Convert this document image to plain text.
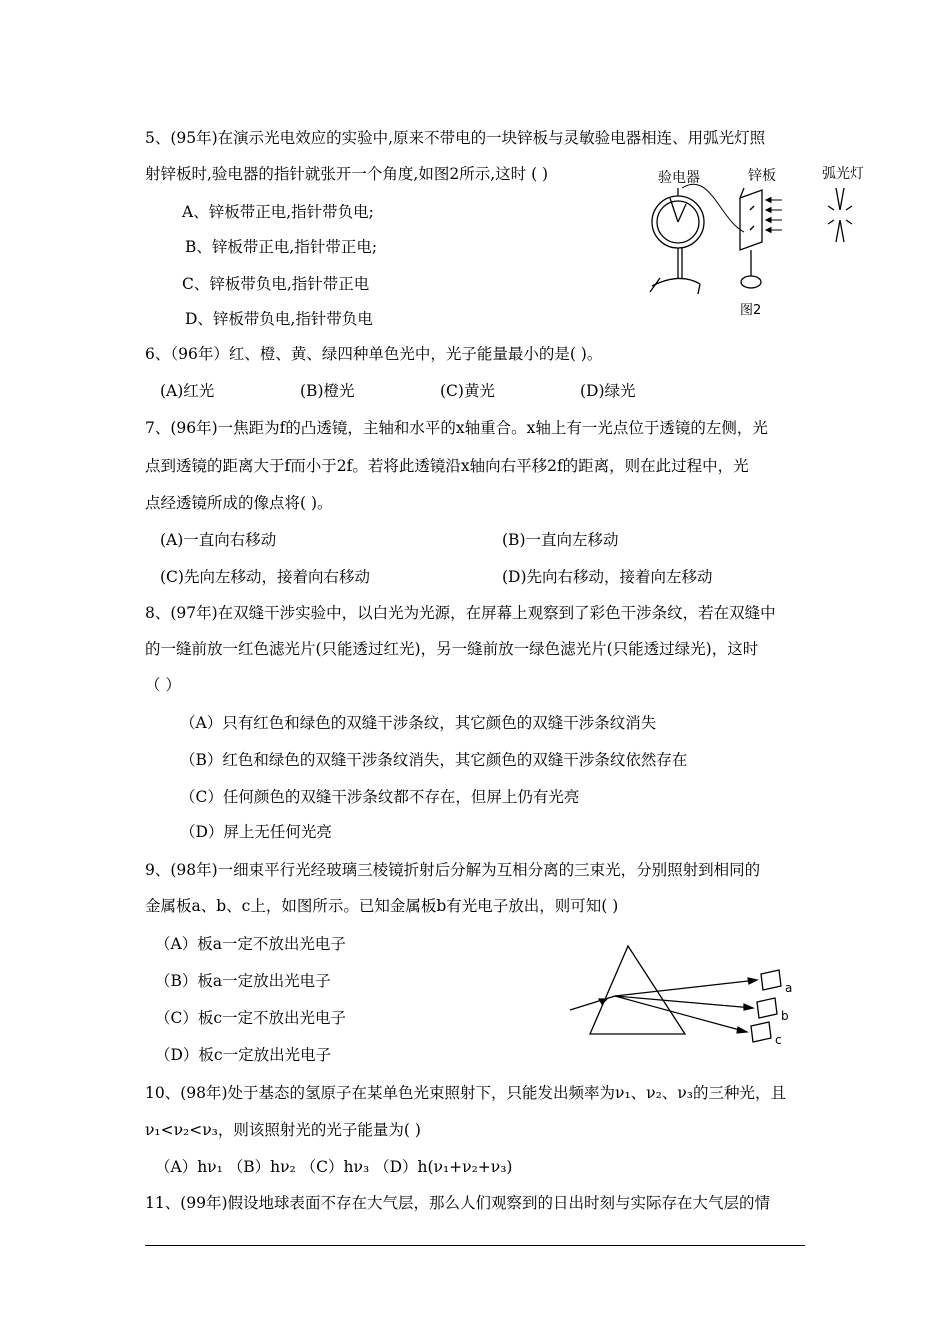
5、(95年)在演示光电效应的实验中,原来不带电的一块锌板与灵敏验电器相连、用弧光灯照
射锌板时,验电器的指针就张开一个角度,如图2所示,这时 ( )
A、锌板带正电,指针带负电;
B、锌板带正电,指针带正电;
C、锌板带负电,指针带正电
D、锌板带负电,指针带负电
验电器	锌板	弧光灯
图2
6、（96年）红、橙、黄、绿四种单色光中，光子能量最小的是( )。
(A)红光	(B)橙光	(C)黄光	(D)绿光
7、(96年)一焦距为f的凸透镜，主轴和水平的x轴重合。x轴上有一光点位于透镜的左侧，光
点到透镜的距离大于f而小于2f。若将此透镜沿x轴向右平移2f的距离，则在此过程中，光
点经透镜所成的像点将( )。
(A)一直向右移动	(B)一直向左移动
(C)先向左移动，接着向右移动	(D)先向右移动，接着向左移动
8、(97年)在双缝干涉实验中，以白光为光源，在屏幕上观察到了彩色干涉条纹，若在双缝中
的一缝前放一红色滤光片(只能透过红光)，另一缝前放一绿色滤光片(只能透过绿光)，这时
（ ）
（A）只有红色和绿色的双缝干涉条纹，其它颜色的双缝干涉条纹消失
（B）红色和绿色的双缝干涉条纹消失，其它颜色的双缝干涉条纹依然存在
（C）任何颜色的双缝干涉条纹都不存在，但屏上仍有光亮
（D）屏上无任何光亮
9、(98年)一细束平行光经玻璃三棱镜折射后分解为互相分离的三束光，分别照射到相同的
金属板a、b、c上，如图所示。已知金属板b有光电子放出，则可知( )
（A）板a一定不放出光电子
（B）板a一定放出光电子
（C）板c一定不放出光电子
（D）板c一定放出光电子
a
b
c
10、(98年)处于基态的氢原子在某单色光束照射下，只能发出频率为ν₁、ν₂、ν₃的三种光，且
ν₁<ν₂<ν₃，则该照射光的光子能量为( )
（A）hν₁ （B）hν₂ （C）hν₃ （D）h(ν₁+ν₂+ν₃)
11、(99年)假设地球表面不存在大气层，那么人们观察到的日出时刻与实际存在大气层的情
